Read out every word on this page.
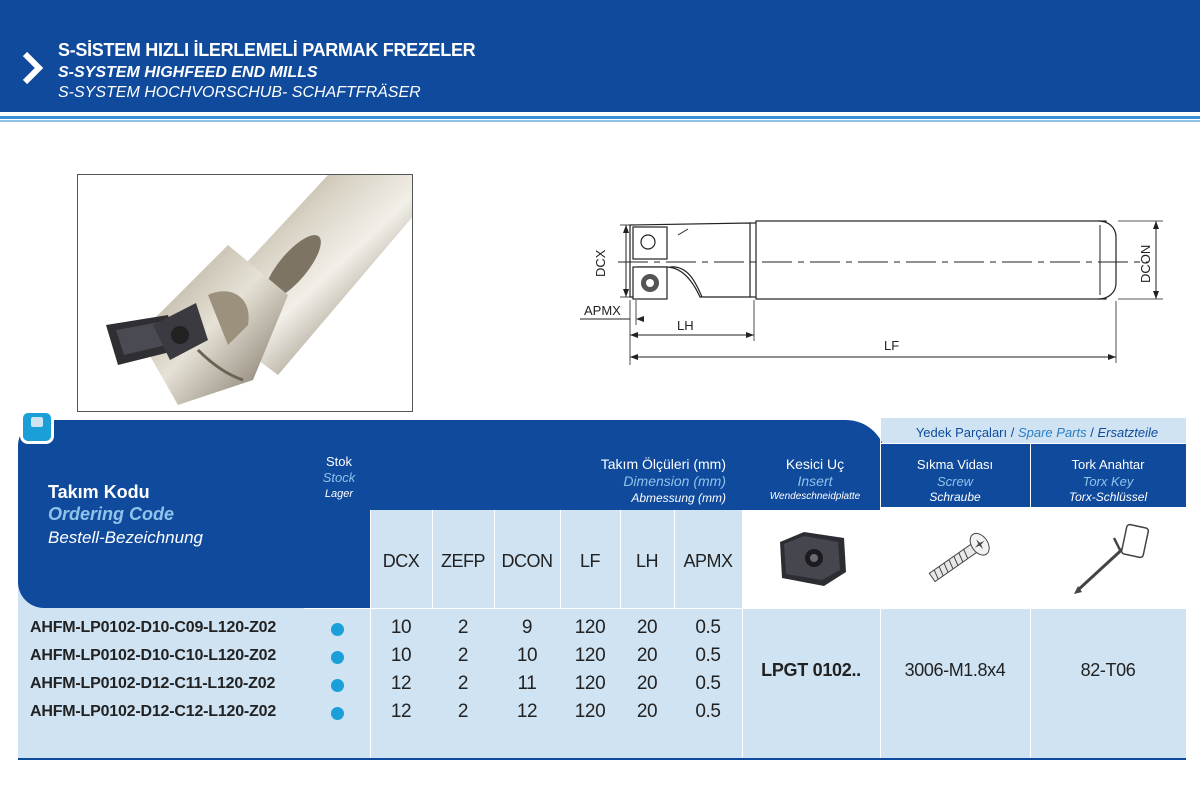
S-SİSTEM HIZLI İLERLEMELİ PARMAK FREZELER
S-SYSTEM HIGHFEED END MILLS
S-SYSTEM HOCHVORSCHUB- SCHAFTFRÄSER
DCX	DCON
APMX
LH
LF
Takım Kodu
Ordering Code
Bestell-Bezeichnung
Stok
Stock
Lager
Takım Ölçüleri (mm)
Dimension (mm)
Abmessung (mm)
Kesici Uç
Insert
Wendeschneidplatte
Yedek Parçaları / Spare Parts / Ersatzteile
Sıkma Vidası
Screw
Schraube
Tork Anahtar
Torx Key
Torx-Schlüssel
DCX	ZEFP DCON	LF	LH	APMX
AHFM-LP0102-D10-C09-L120-Z02	10	2	9	120	20	0.5
AHFM-LP0102-D10-C10-L120-Z02	10	2	10	120	20	0.5
AHFM-LP0102-D12-C11-L120-Z02	12	2	11	120	20	0.5
AHFM-LP0102-D12-C12-L120-Z02	12	2	12	120	20	0.5
LPGT 0102..	3006-M1.8x4	82-T06
